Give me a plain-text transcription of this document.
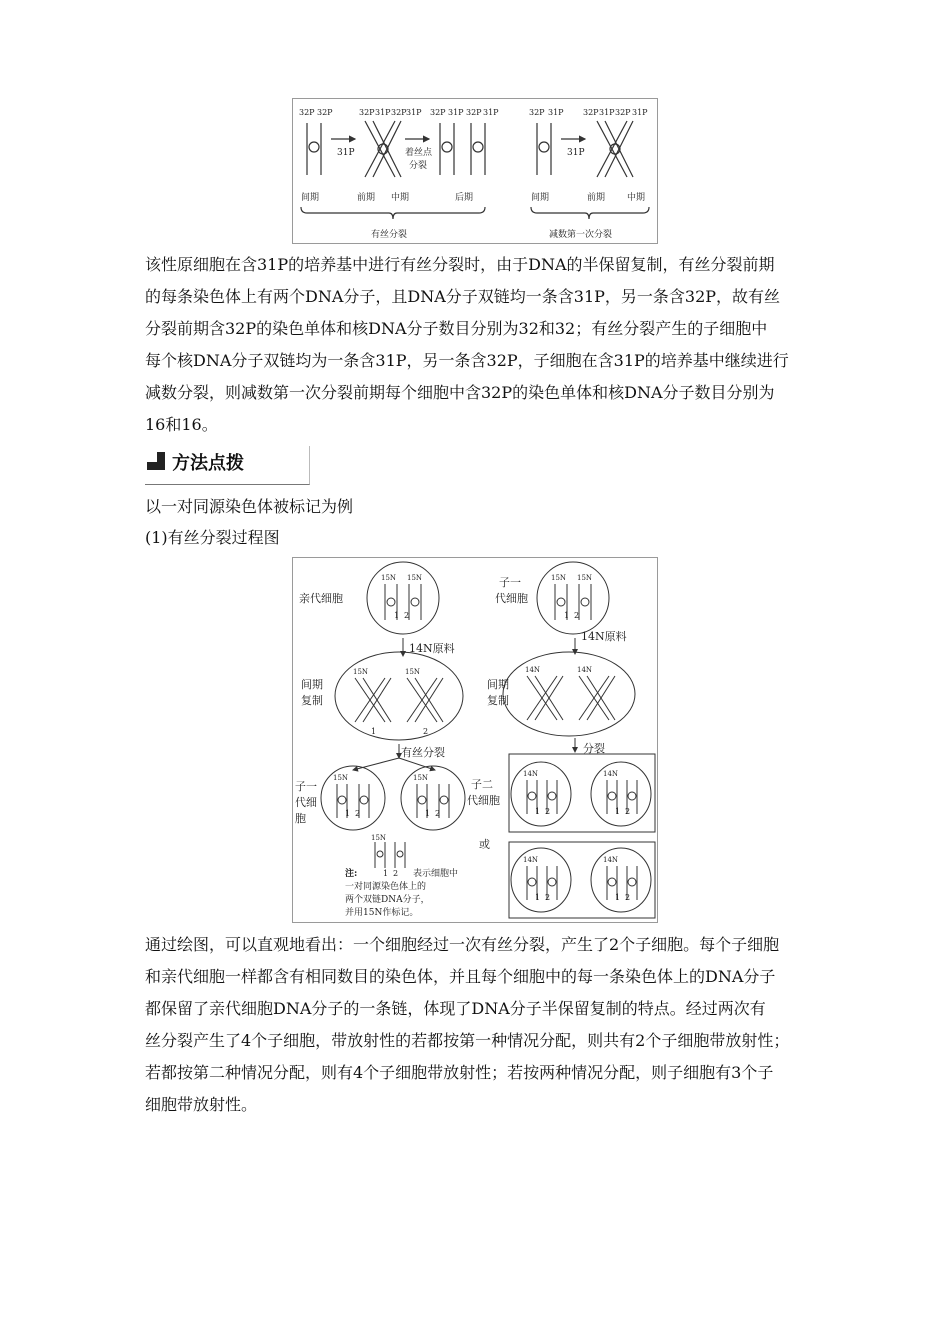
32P 32P	32P 31P 32P 31P 32P 31P 32P 31P	32P 31P 32P 31P 32P 31P
31P	31P
着丝点
分裂
间期	前期 中期	后期	间期	前期 中期
有丝分裂	减数第一次分裂
该性原细胞在含31P的培养基中进行有丝分裂时，由于DNA的半保留复制，有丝分裂前期
的每条染色体上有两个DNA分子，且DNA分子双链均一条含31P，另一条含32P，故有丝
分裂前期含32P的染色单体和核DNA分子数目分别为32和32；有丝分裂产生的子细胞中
每个核DNA分子双链均为一条含31P，另一条含32P，子细胞在含31P的培养基中继续进行
减数分裂，则减数第一次分裂前期每个细胞中含32P的染色单体和核DNA分子数目分别为
16和16。
方法点拨
以一对同源染色体被标记为例
(1)有丝分裂过程图
15N 15N	15N 15N
15N	15N	14N	14N
15N	15N	14N	14N
14N	14N
15N
1 2	1 2
1	2
1 2	1 2	1 2	1 2
1 2	1 2
1 2
亲代细胞
14N原料
间期
复制
有丝分裂
子一
代细
胞
子一
代细胞
14N原料
间期
复制
分裂
子二
代细胞
或
注:	表示细胞中
一对同源染色体上的
两个双链DNA分子，
并用15N作标记。
通过绘图，可以直观地看出：一个细胞经过一次有丝分裂，产生了2个子细胞。每个子细胞
和亲代细胞一样都含有相同数目的染色体，并且每个细胞中的每一条染色体上的DNA分子
都保留了亲代细胞DNA分子的一条链，体现了DNA分子半保留复制的特点。经过两次有
丝分裂产生了4个子细胞，带放射性的若都按第一种情况分配，则共有2个子细胞带放射性；
若都按第二种情况分配，则有4个子细胞带放射性；若按两种情况分配，则子细胞有3个子
细胞带放射性。
